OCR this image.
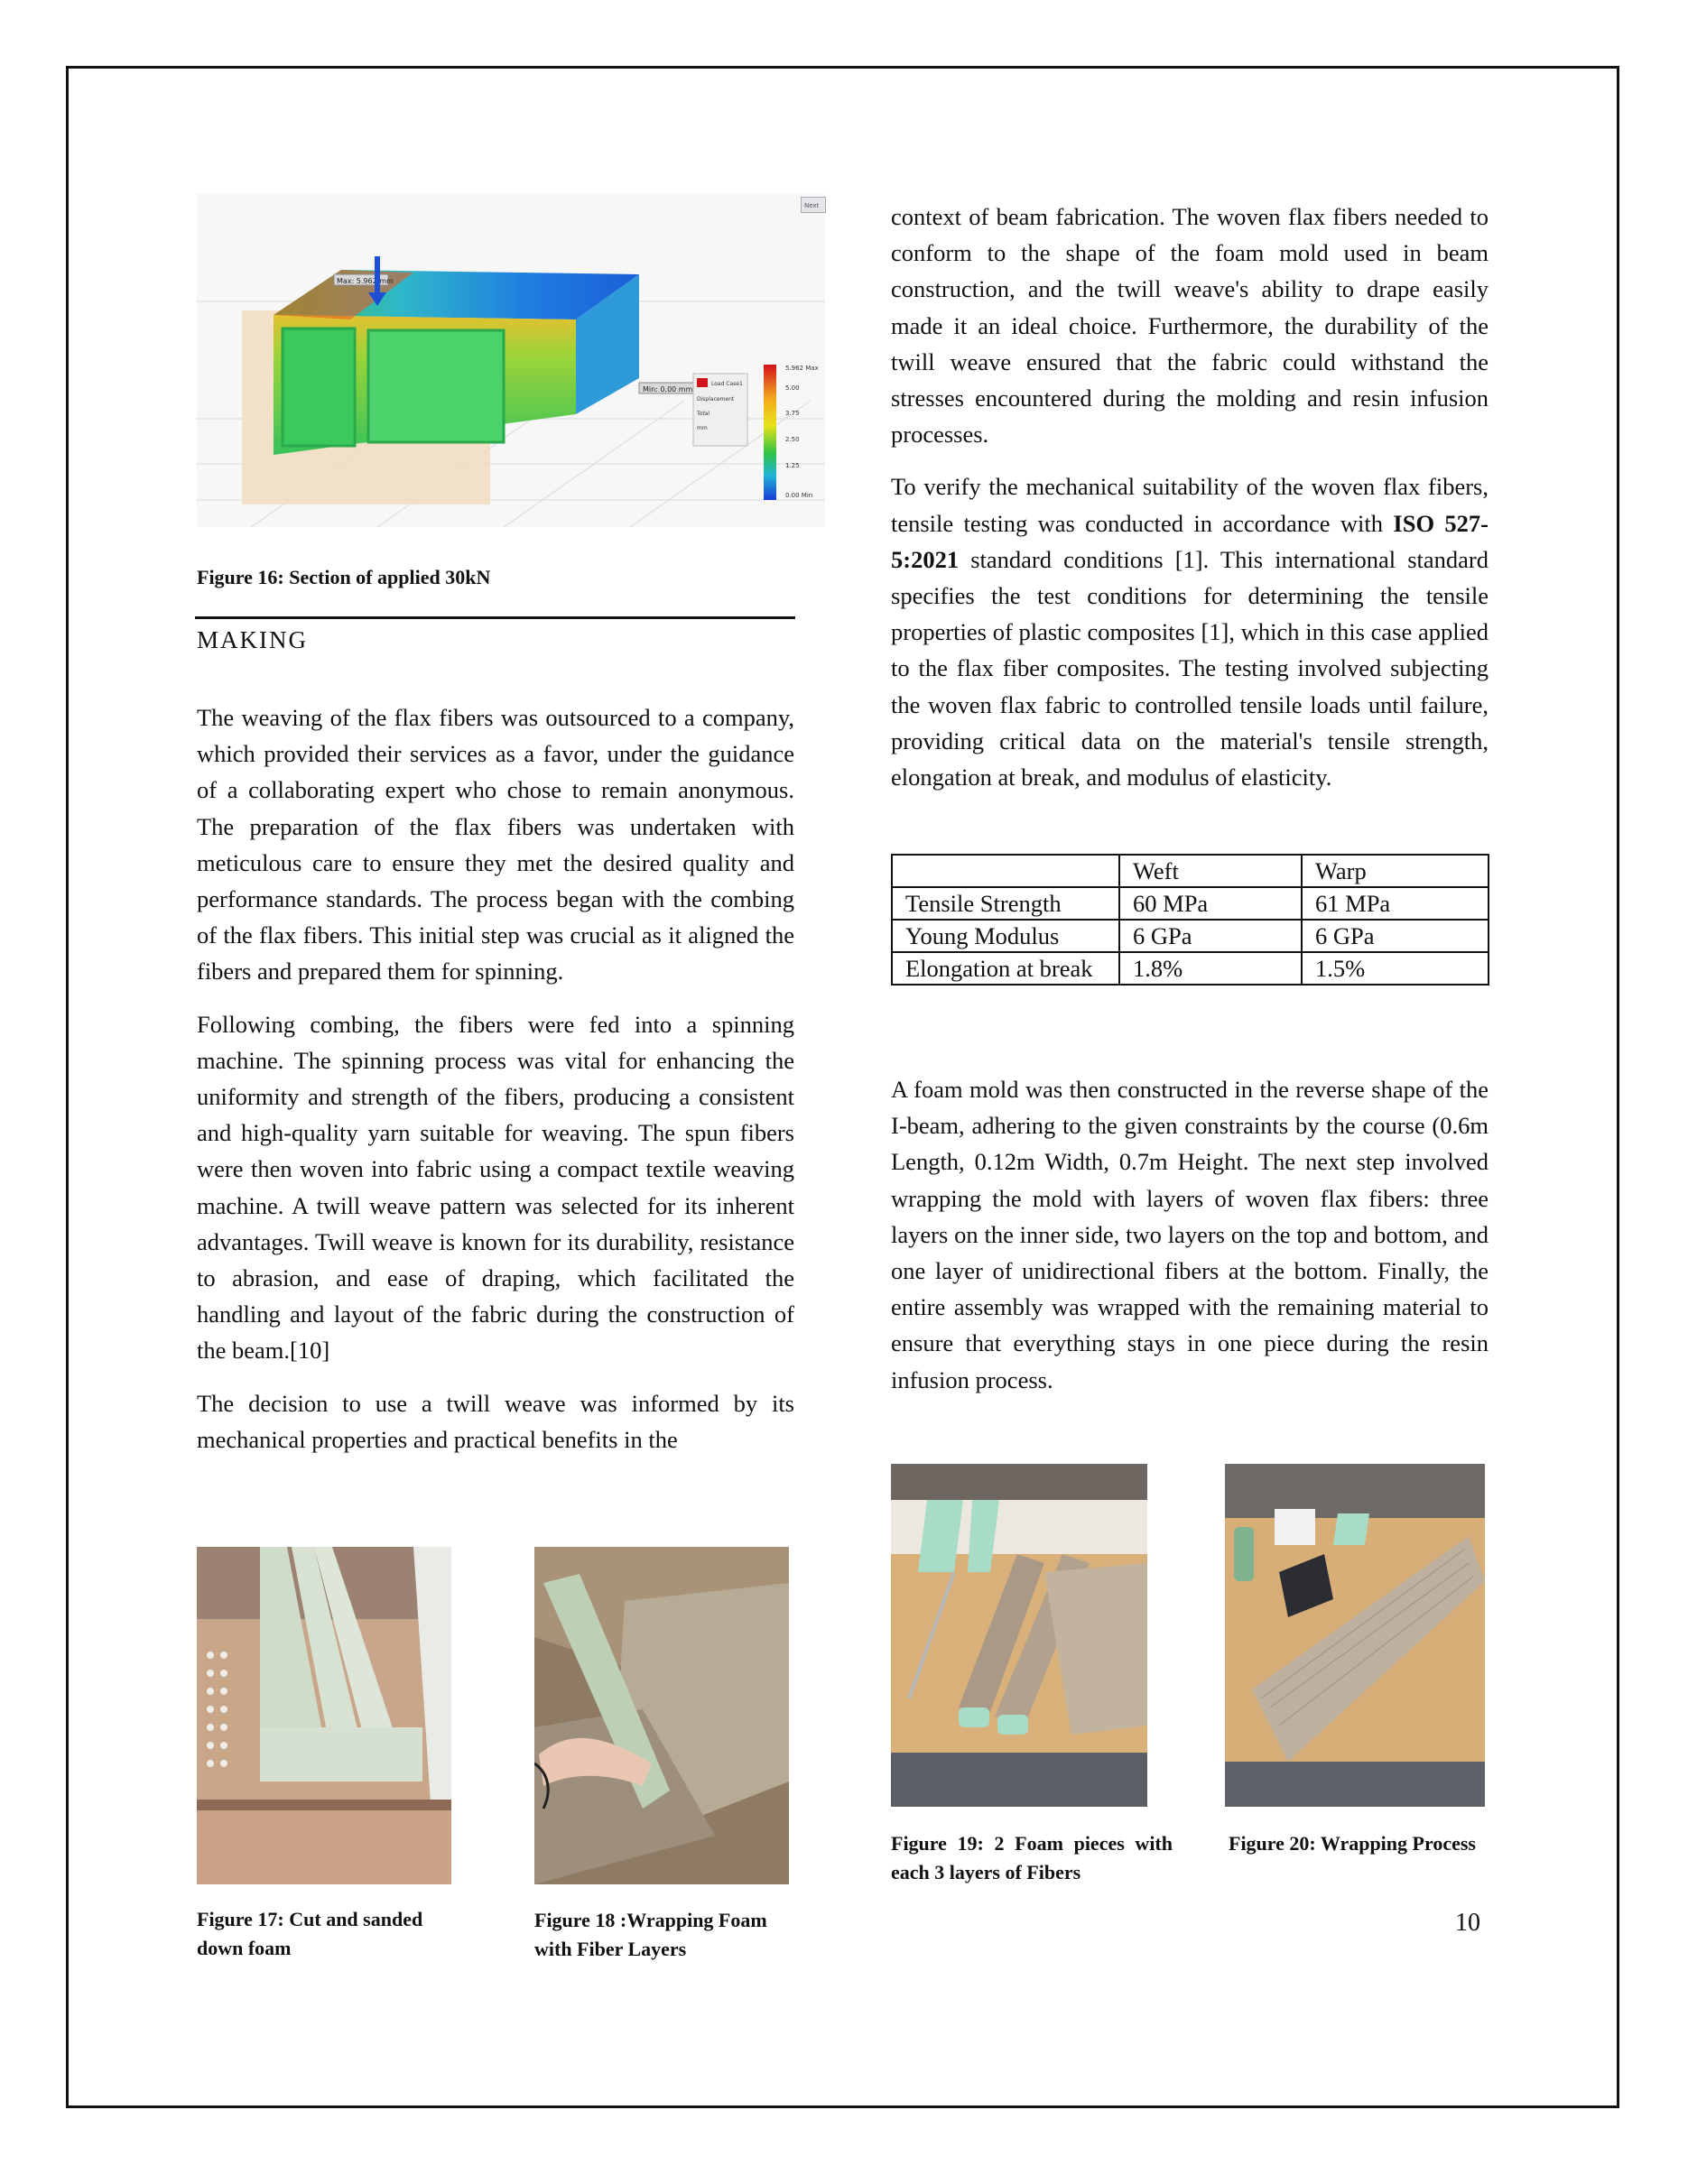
Max: 5.962 mm
Min: 0.00 mm
Load Case1
Displacement
Total
mm
5.962 Max
5.00
3.75
2.50
1.25
0.00 Min
Next
Figure 16: Section of applied 30kN
MAKING

The weaving of the flax fibers was outsourced to a company, which provided their services as a favor, under the guidance of a collaborating expert who chose to remain anonymous. The preparation of the flax fibers was undertaken with meticulous care to ensure they met the desired quality and performance standards. The process began with the combing of the flax fibers. This initial step was crucial as it aligned the fibers and prepared them for spinning.

Following combing, the fibers were fed into a spinning machine. The spinning process was vital for enhancing the uniformity and strength of the fibers, producing a consistent and high-quality yarn suitable for weaving. The spun fibers were then woven into fabric using a compact textile weaving machine. A twill weave pattern was selected for its inherent advantages. Twill weave is known for its durability, resistance to abrasion, and ease of draping, which facilitated the handling and layout of the fabric during the construction of the beam.[10]

The decision to use a twill weave was informed by its mechanical properties and practical benefits in the

Figure 17: Cut and sanded down foam
Figure 18 :Wrapping Foam with Fiber Layers

context of beam fabrication. The woven flax fibers needed to conform to the shape of the foam mold used in beam construction, and the twill weave's ability to drape easily made it an ideal choice. Furthermore, the durability of the twill weave ensured that the fabric could withstand the stresses encountered during the molding and resin infusion processes.

To verify the mechanical suitability of the woven flax fibers, tensile testing was conducted in accordance with ISO 527-5:2021 standard conditions [1]. This international standard specifies the test conditions for determining the tensile properties of plastic composites [1], which in this case applied to the flax fiber composites. The testing involved subjecting the woven flax fabric to controlled tensile loads until failure, providing critical data on the material's tensile strength, elongation at break, and modulus of elasticity.

	Weft	Warp
Tensile Strength	60 MPa	61 MPa
Young Modulus	6 GPa	6 GPa
Elongation at break	1.8%	1.5%

A foam mold was then constructed in the reverse shape of the I-beam, adhering to the given constraints by the course (0.6m Length, 0.12m Width, 0.7m Height. The next step involved wrapping the mold with layers of woven flax fibers: three layers on the inner side, two layers on the top and bottom, and one layer of unidirectional fibers at the bottom. Finally, the entire assembly was wrapped with the remaining material to ensure that everything stays in one piece during the resin infusion process.

Figure 19: 2 Foam pieces with each 3 layers of Fibers
Figure 20: Wrapping Process
10
